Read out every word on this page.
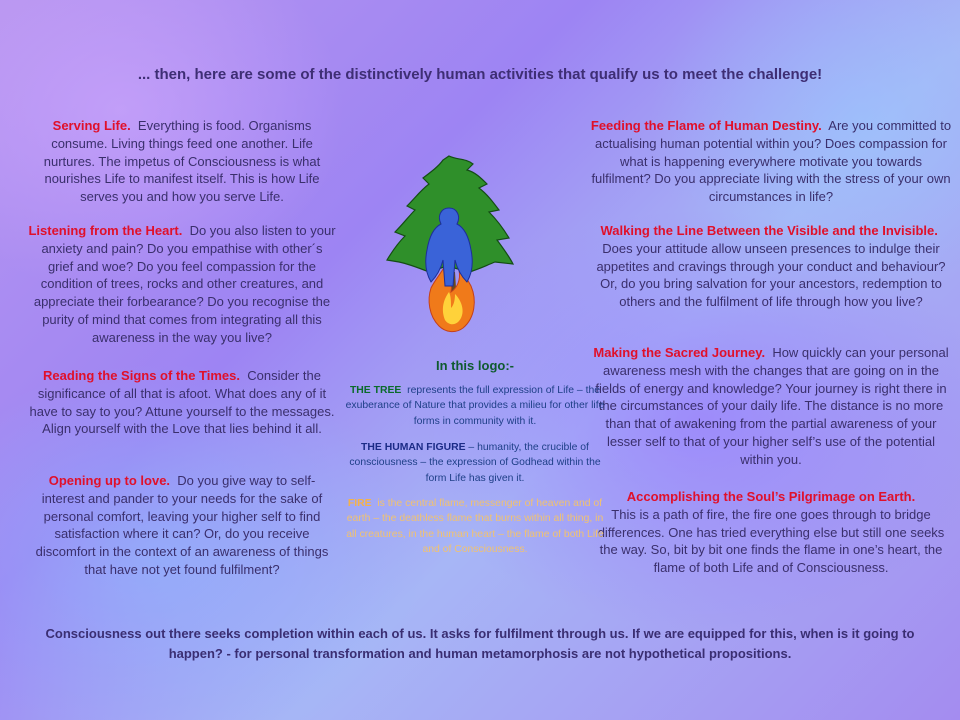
... then, here are some of the distinctively human activities that qualify us to meet the challenge!
Serving Life. Everything is food. Organisms consume. Living things feed one another. Life nurtures. The impetus of Consciousness is what nourishes Life to manifest itself. This is how Life serves you and how you serve Life.
Listening from the Heart. Do you also listen to your anxiety and pain? Do you empathise with other´s grief and woe? Do you feel compassion for the condition of trees, rocks and other creatures, and appreciate their forbearance? Do you recognise the purity of mind that comes from integrating all this awareness in the way you live?
Reading the Signs of the Times. Consider the significance of all that is afoot. What does any of it have to say to you? Attune yourself to the messages. Align yourself with the Love that lies behind it all.
Opening up to love. Do you give way to self-interest and pander to your needs for the sake of personal comfort, leaving your higher self to find satisfaction where it can? Or, do you receive discomfort in the context of an awareness of things that have not yet found fulfilment?
Feeding the Flame of Human Destiny. Are you committed to actualising human potential within you? Does compassion for what is happening everywhere motivate you towards fulfilment? Do you appreciate living with the stress of your own circumstances in life?
Walking the Line Between the Visible and the Invisible.  Does your attitude allow unseen presences to indulge their appetites and cravings through your conduct and behaviour? Or, do you bring salvation for your ancestors, redemption to others and the fulfilment of life through how you live?
Making the Sacred Journey. How quickly can your personal awareness mesh with the changes that are going on in the fields of energy and knowledge? Your journey is right there in the circumstances of your daily life. The distance is no more than that of awakening from the partial awareness of your lesser self to that of your higher self’s use of the potential within you.
Accomplishing the Soul’s Pilgrimage on Earth.
This is a path of fire, the fire one goes through to bridge differences. One has tried everything else but still one seeks the way. So, bit by bit one finds the flame in one’s heart, the flame of both Life and of Consciousness.
In this logo:-
THE TREE represents the full expression of Life – the exuberance of Nature that provides a milieu for other life forms in community with it.
THE HUMAN FIGURE – humanity, the crucible of consciousness – the expression of Godhead within the form Life has given it.
FIRE is the central flame, messenger of heaven and of earth – the deathless flame that burns within all thing, in all creatures, in the human heart – the flame of both Life and of Consciousness.
Consciousness out there seeks completion within each of us. It asks for fulfilment through us. If we are equipped for this, when is it going to happen? - for personal transformation and human metamorphosis are not hypothetical propositions.
